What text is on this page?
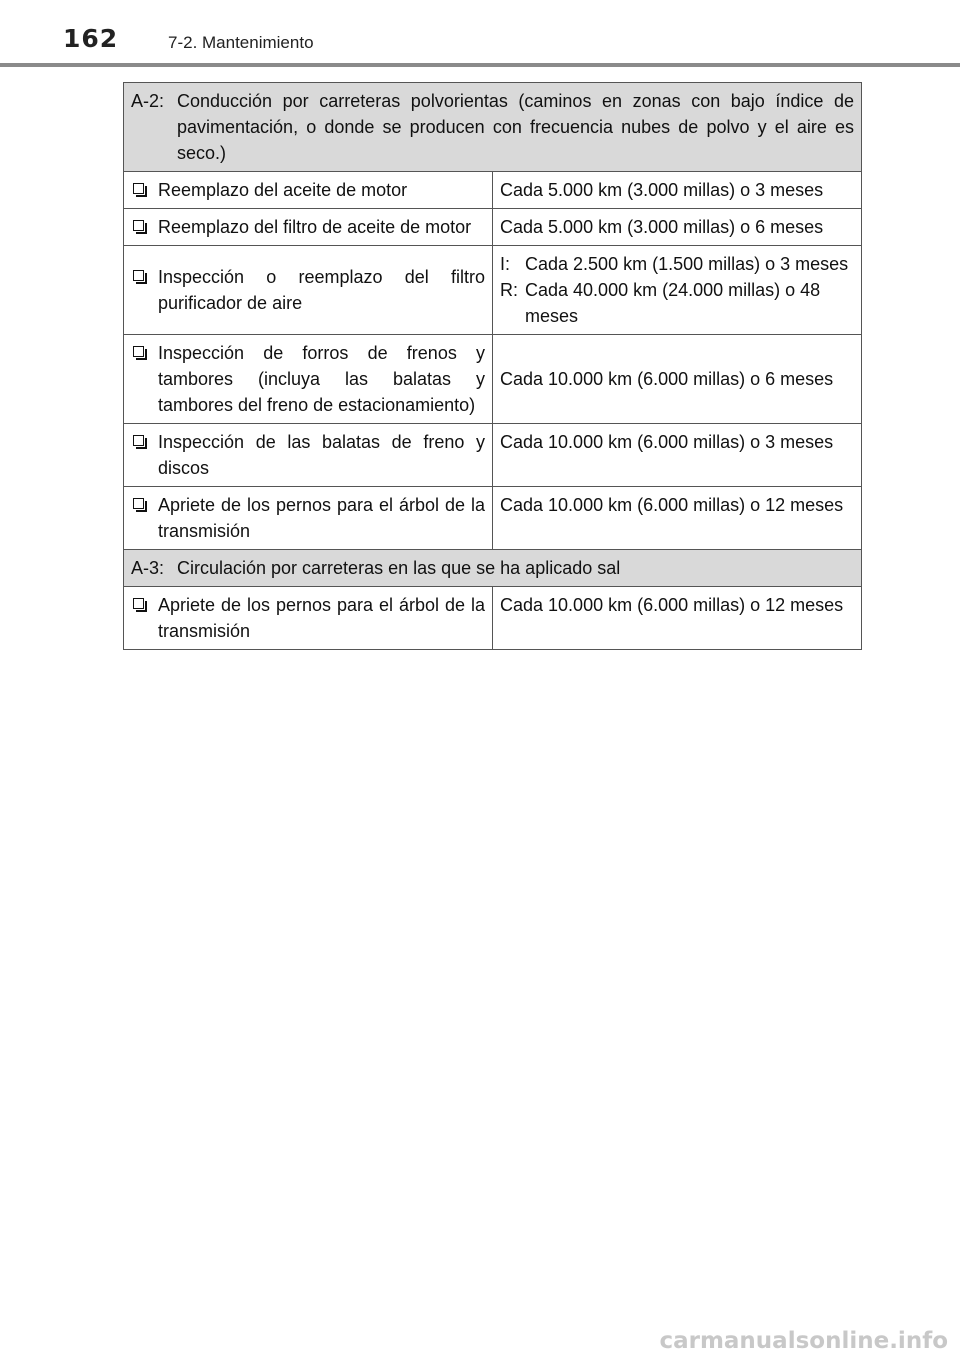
162	7-2. Mantenimiento
A-2: Conducción por carreteras polvorientas (caminos en zonas con bajo índice de pavimentación, o donde se producen con frecuencia nubes de polvo y el aire es seco.)	

Reemplazo del aceite de motor	Cada 5.000 km (3.000 millas) o 3 meses

Reemplazo del filtro de aceite de motor	Cada 5.000 km (3.000 millas) o 6 meses

Inspección o reemplazo del filtro purificador de aire	I: Cada 2.500 km (1.500 millas) o 3 meses
R: Cada 40.000 km (24.000 millas) o 48 meses

Inspección de forros de frenos y tambores (incluya las balatas y tambores del freno de estacionamiento)	Cada 10.000 km (6.000 millas) o 6 meses

Inspección de las balatas de freno y discos	Cada 10.000 km (6.000 millas) o 3 meses

Apriete de los pernos para el árbol de la transmisión	Cada 10.000 km (6.000 millas) o 12 meses

A-3: Circulación por carreteras en las que se ha aplicado sal	

Apriete de los pernos para el árbol de la transmisión	Cada 10.000 km (6.000 millas) o 12 meses
carmanualsonline.info
